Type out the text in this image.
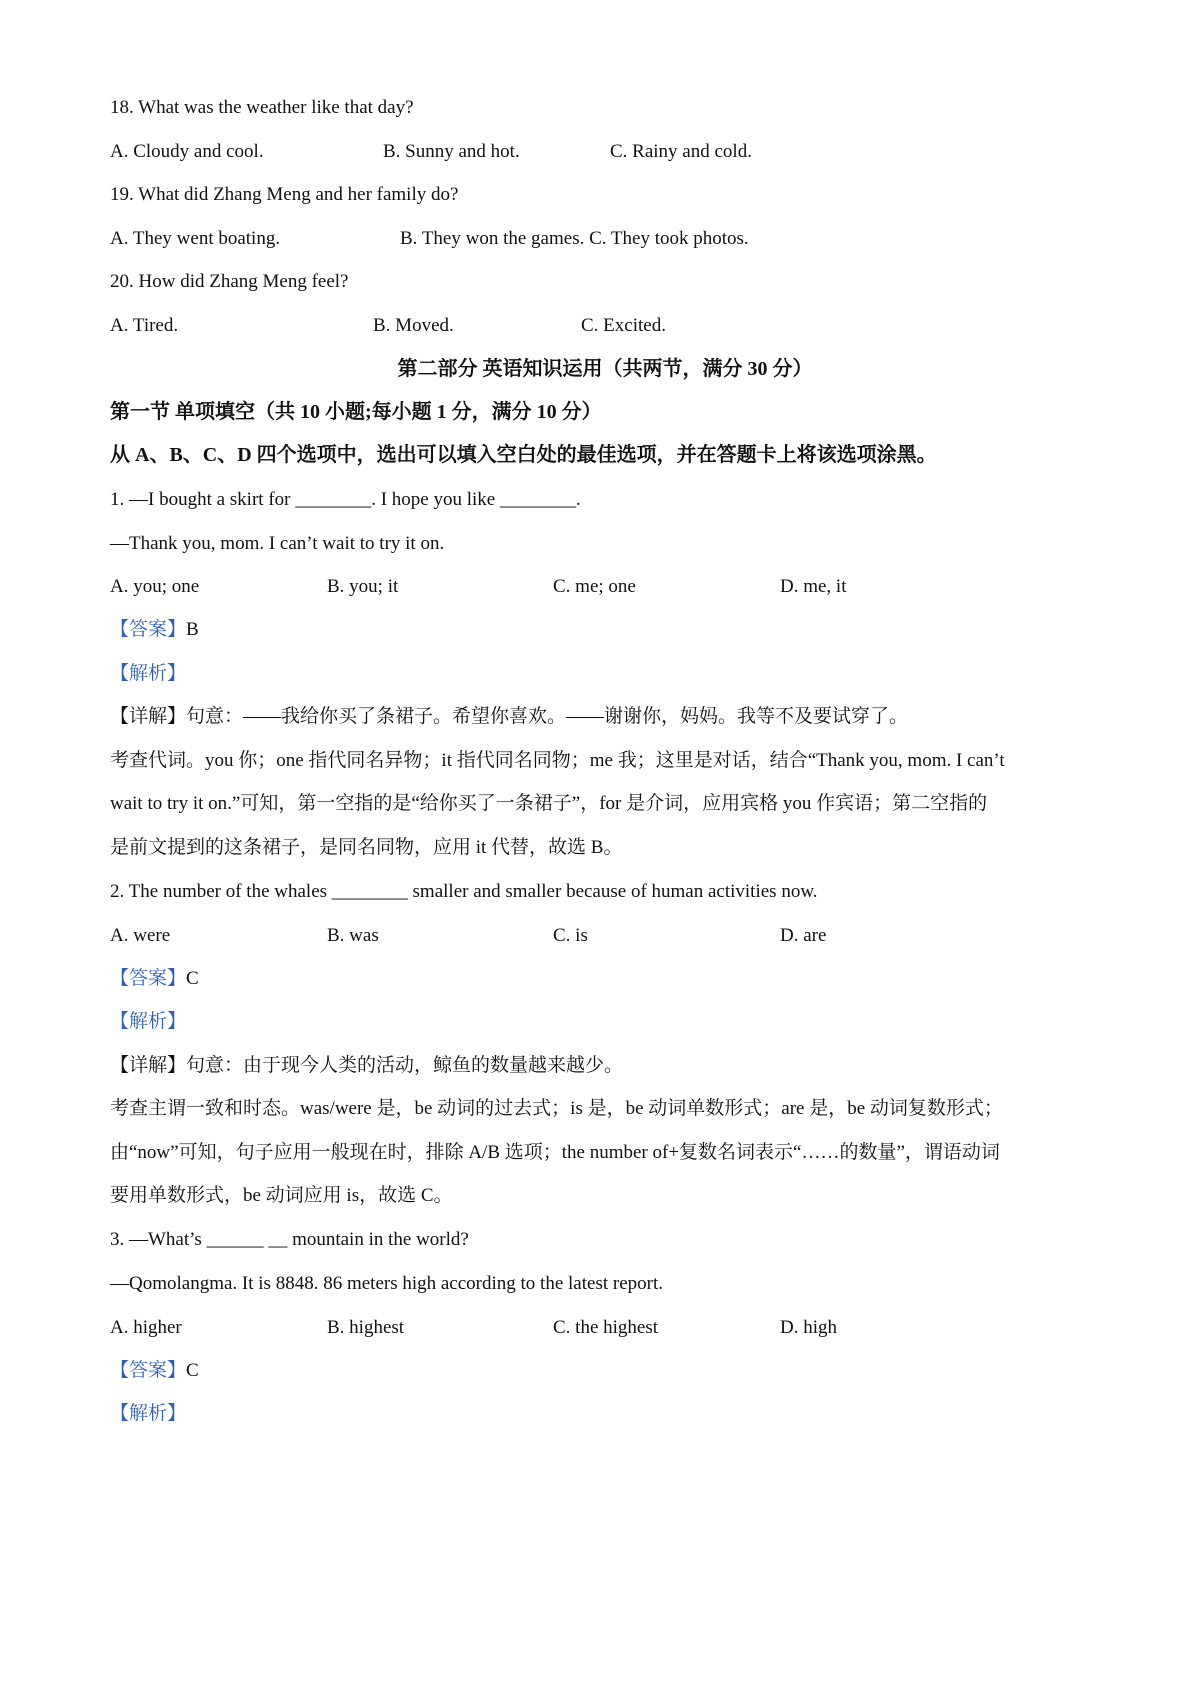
18. What was the weather like that day?
A. Cloudy and cool.	B. Sunny and hot.	C. Rainy and cold.
19. What did Zhang Meng and her family do?
A. They went boating.	B. They won the games. C. They took photos.
20. How did Zhang Meng feel?
A. Tired.	B. Moved.	C. Excited.
第二部分 英语知识运用（共两节，满分 30 分）
第一节 单项填空（共 10 小题;每小题 1 分，满分 10 分）
从 A、B、C、D 四个选项中，选出可以填入空白处的最佳选项，并在答题卡上将该选项涂黑。
1. —I bought a skirt for ________. I hope you like ________.
—Thank you, mom. I can’t wait to try it on.
A. you; one	B. you; it	C. me; one	D. me, it
【答案】B
【解析】
【详解】句意：——我给你买了条裙子。希望你喜欢。——谢谢你，妈妈。我等不及要试穿了。
考查代词。you 你；one 指代同名异物；it 指代同名同物；me 我；这里是对话，结合“Thank you, mom. I can’t
wait to try it on.”可知，第一空指的是“给你买了一条裙子”，for 是介词，应用宾格 you 作宾语；第二空指的
是前文提到的这条裙子，是同名同物，应用 it 代替，故选 B。
2. The number of the whales ________ smaller and smaller because of human activities now.
A. were	B. was	C. is	D. are
【答案】C
【解析】
【详解】句意：由于现今人类的活动，鲸鱼的数量越来越少。
考查主谓一致和时态。was/were 是，be 动词的过去式；is 是，be 动词单数形式；are 是，be 动词复数形式；
由“now”可知，句子应用一般现在时，排除 A/B 选项；the number of+复数名词表示“……的数量”，谓语动词
要用单数形式，be 动词应用 is，故选 C。
3. —What’s ______ __ mountain in the world?
—Qomolangma. It is 8848. 86 meters high according to the latest report.
A. higher	B. highest	C. the highest	D. high
【答案】C
【解析】
